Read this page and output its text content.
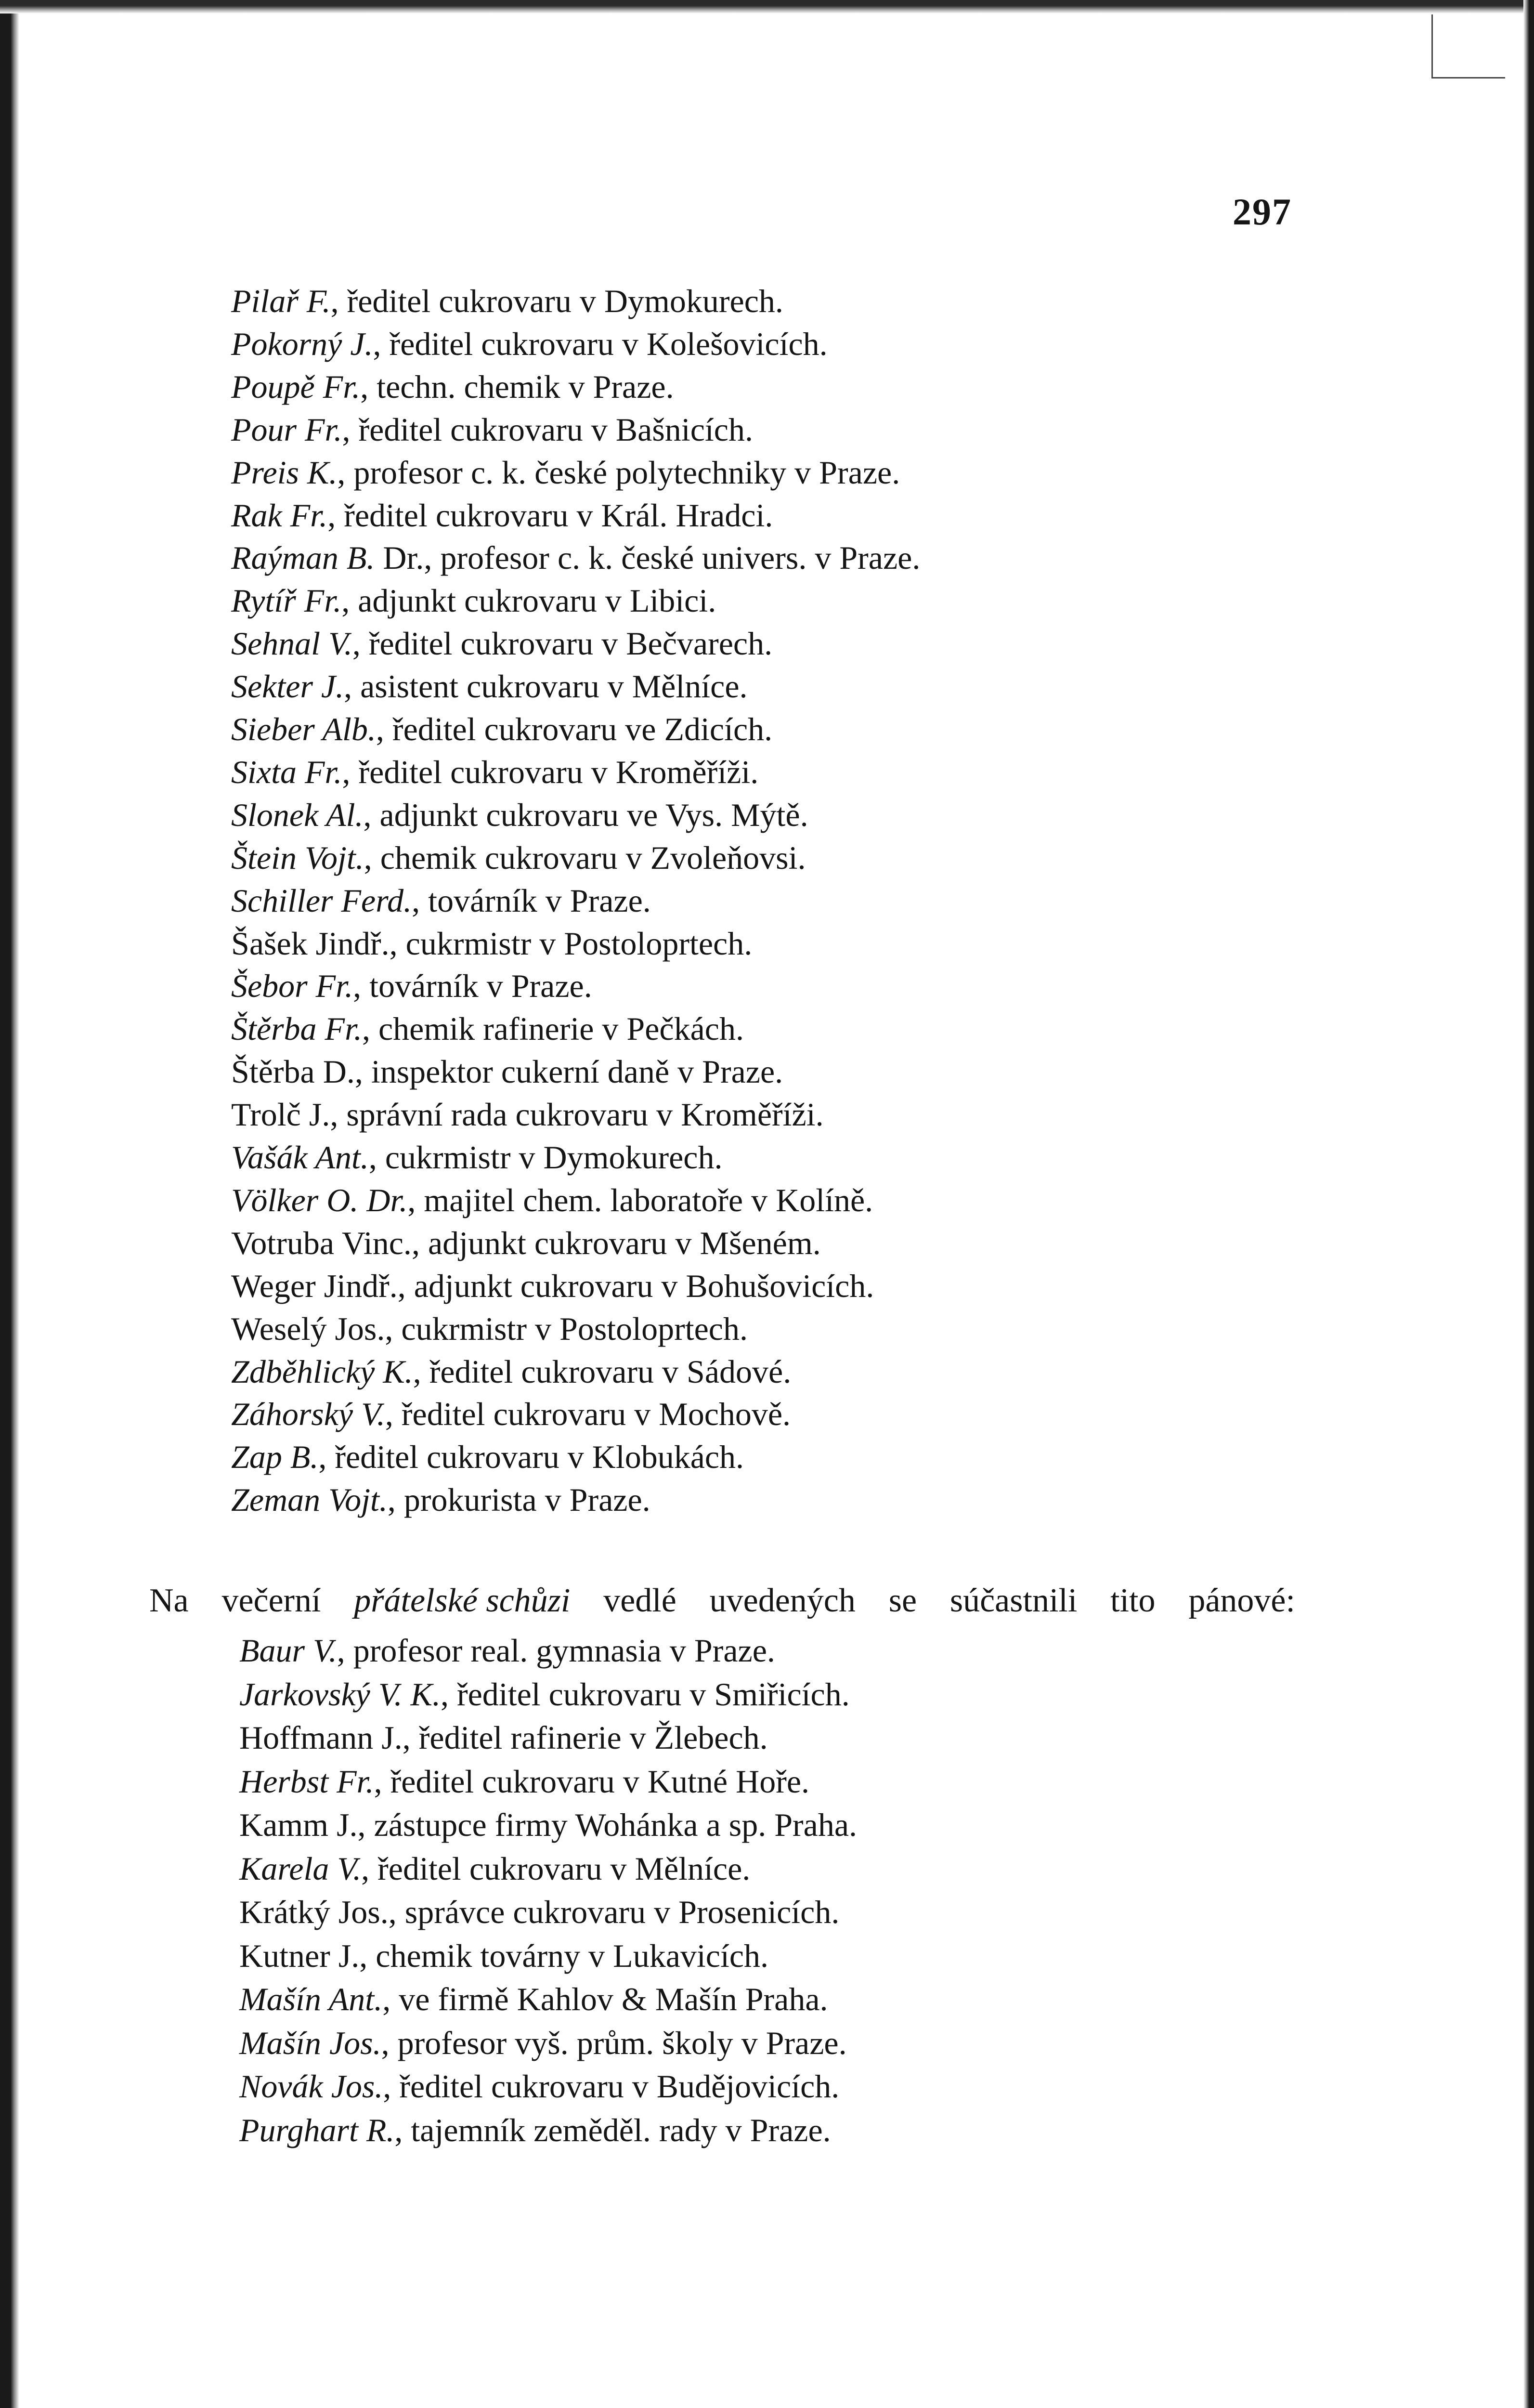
297
Pilař F., ředitel cukrovaru v Dymokurech.
Pokorný J., ředitel cukrovaru v Kolešovicích.
Poupě Fr., techn. chemik v Praze.
Pour Fr., ředitel cukrovaru v Bašnicích.
Preis K., profesor c. k. české polytechniky v Praze.
Rak Fr., ředitel cukrovaru v Král. Hradci.
Raýman B. Dr., profesor c. k. české univers. v Praze.
Rytíř Fr., adjunkt cukrovaru v Libici.
Sehnal V., ředitel cukrovaru v Bečvarech.
Sekter J., asistent cukrovaru v Mělníce.
Sieber Alb., ředitel cukrovaru ve Zdicích.
Sixta Fr., ředitel cukrovaru v Kroměříži.
Slonek Al., adjunkt cukrovaru ve Vys. Mýtě.
Štein Vojt., chemik cukrovaru v Zvoleňovsi.
Schiller Ferd., továrník v Praze.
Šašek Jindř., cukrmistr v Postoloprtech.
Šebor Fr., továrník v Praze.
Štěrba Fr., chemik rafinerie v Pečkách.
Štěrba D., inspektor cukerní daně v Praze.
Trolč J., správní rada cukrovaru v Kroměříži.
Vašák Ant., cukrmistr v Dymokurech.
Völker O. Dr., majitel chem. laboratoře v Kolíně.
Votruba Vinc., adjunkt cukrovaru v Mšeném.
Weger Jindř., adjunkt cukrovaru v Bohušovicích.
Weselý Jos., cukrmistr v Postoloprtech.
Zdběhlický K., ředitel cukrovaru v Sádové.
Záhorský V., ředitel cukrovaru v Mochově.
Zap B., ředitel cukrovaru v Klobukách.
Zeman Vojt., prokurista v Praze.
Na večerní přátelské schůzi vedlé uvedených se súčastnili tito pánové:
Baur V., profesor real. gymnasia v Praze.
Jarkovský V. K., ředitel cukrovaru v Smiřicích.
Hoffmann J., ředitel rafinerie v Žlebech.
Herbst Fr., ředitel cukrovaru v Kutné Hoře.
Kamm J., zástupce firmy Wohánka a sp. Praha.
Karela V., ředitel cukrovaru v Mělníce.
Krátký Jos., správce cukrovaru v Prosenicích.
Kutner J., chemik továrny v Lukavicích.
Mašín Ant., ve firmě Kahlov & Mašín Praha.
Mašín Jos., profesor vyš. prům. školy v Praze.
Novák Jos., ředitel cukrovaru v Budějovicích.
Purghart R., tajemník zeměděl. rady v Praze.
